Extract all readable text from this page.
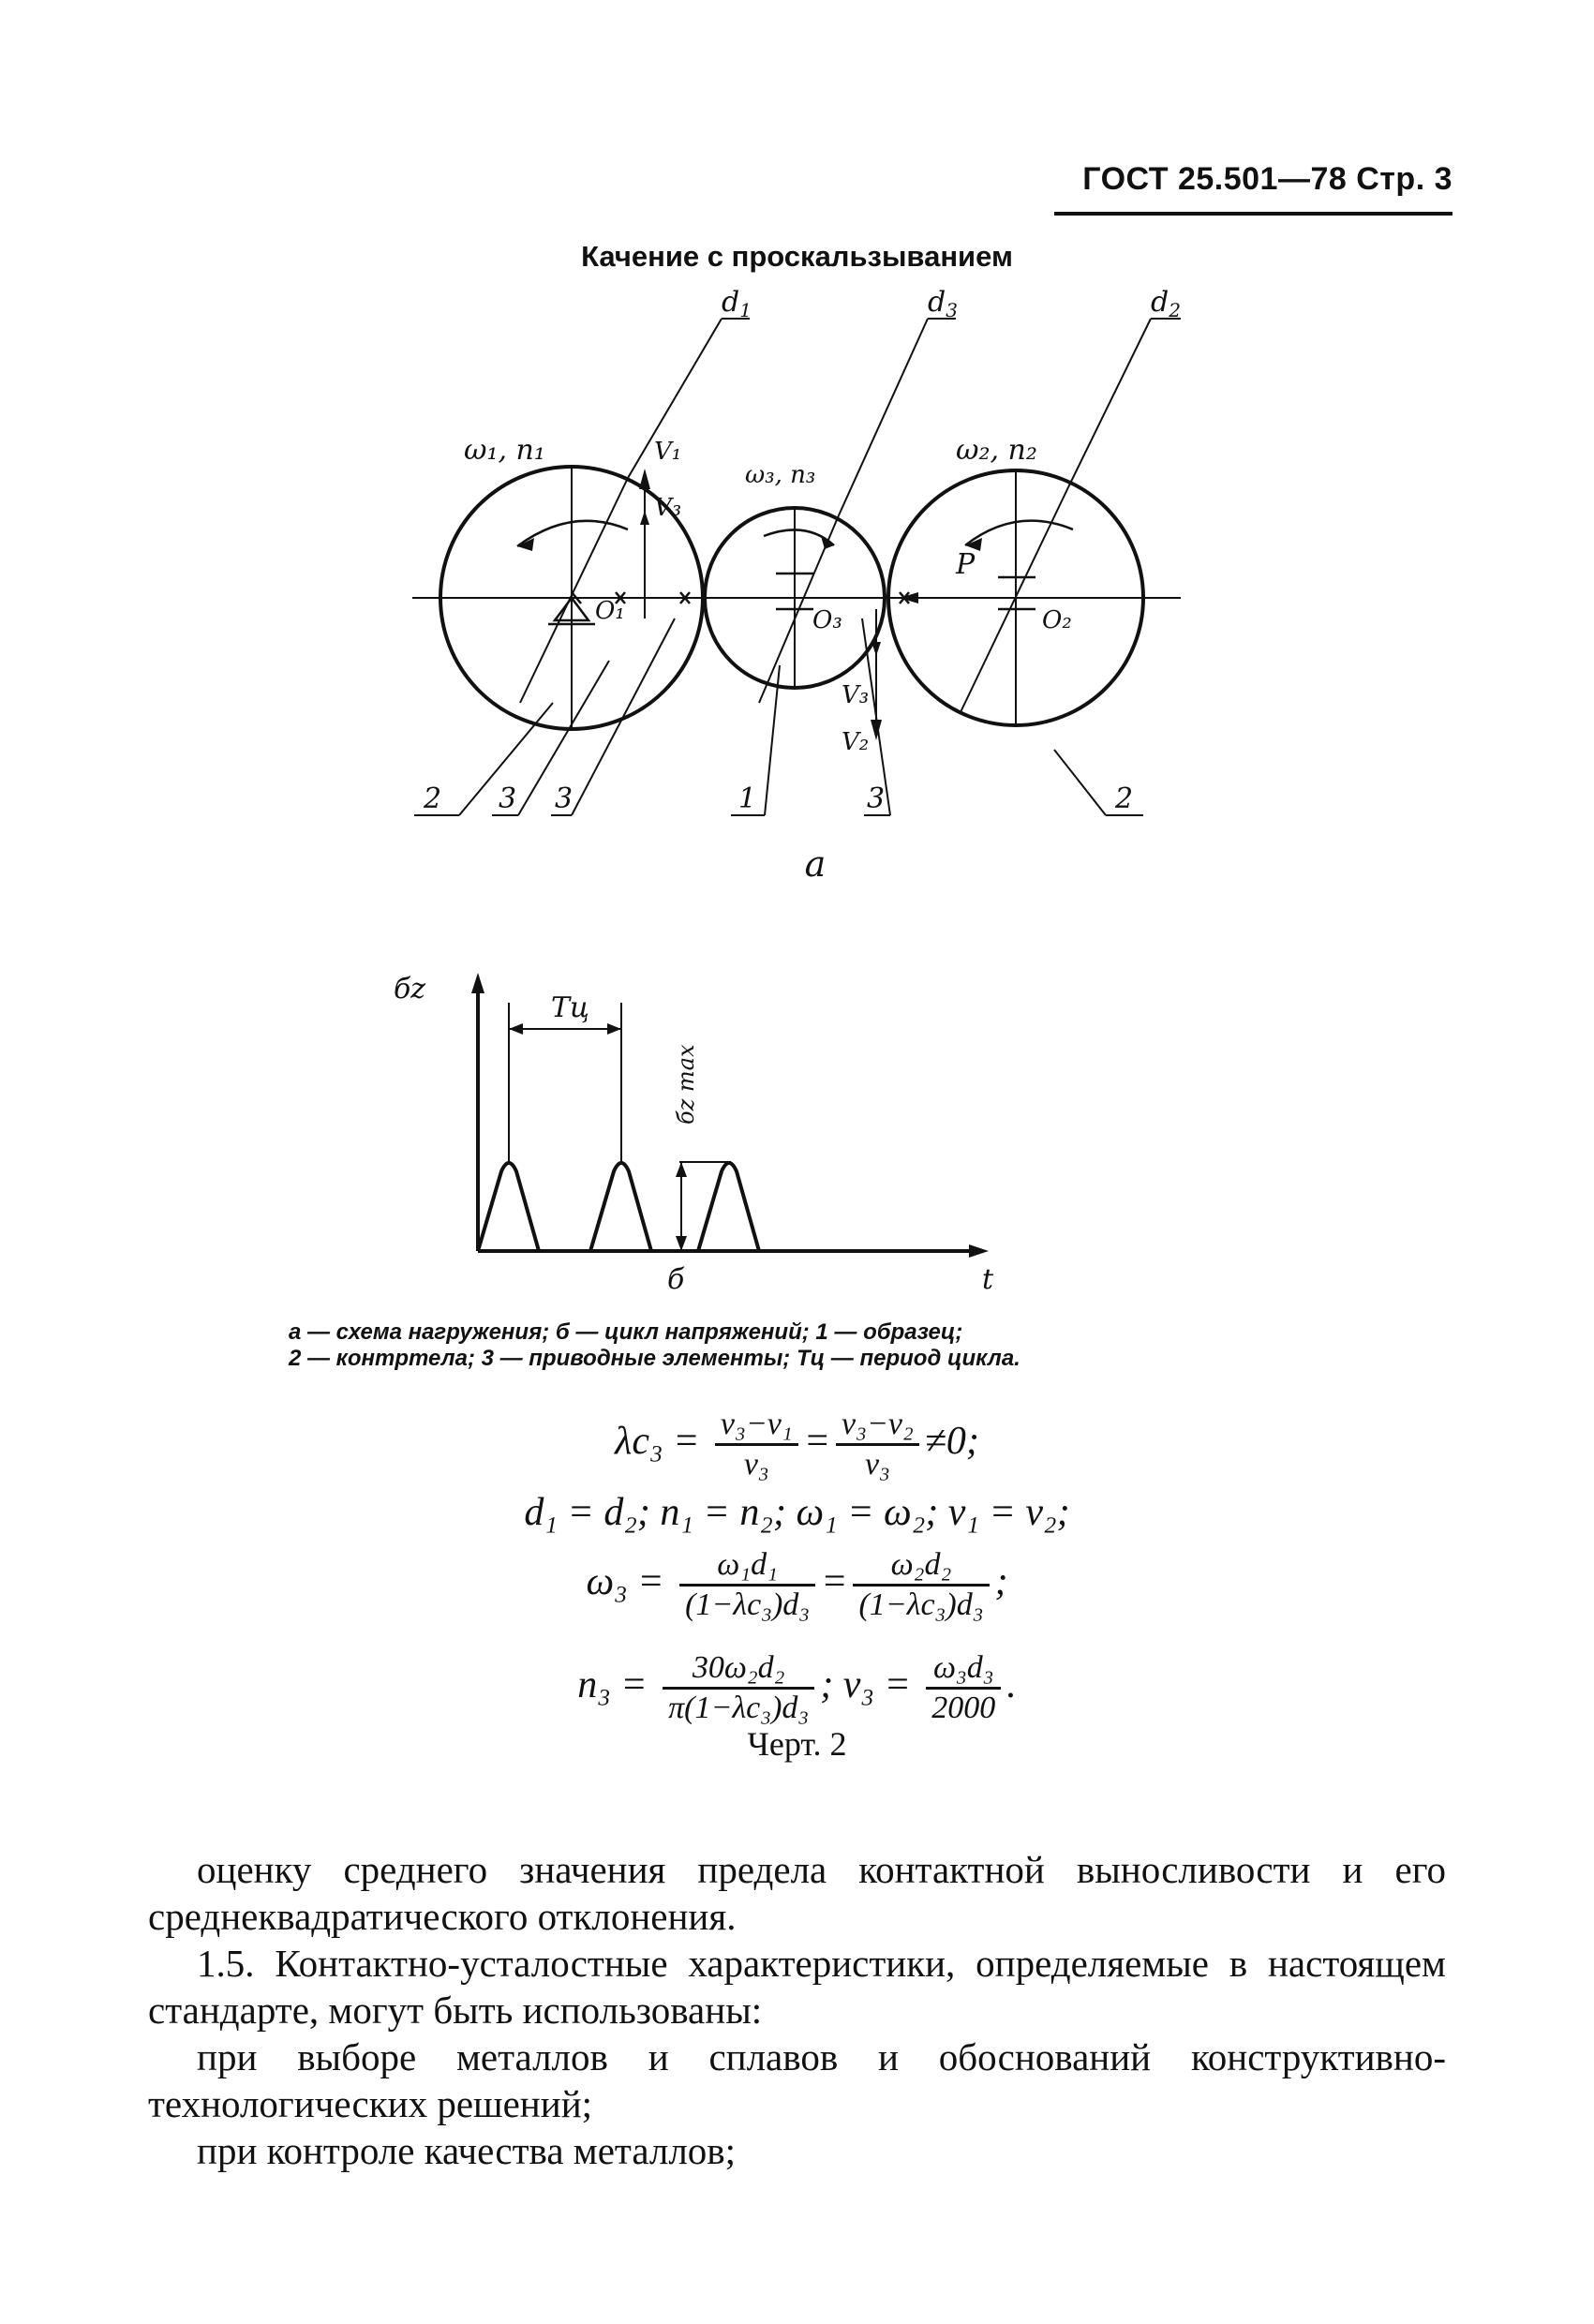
ГОСТ 25.501—78 Стр. 3
Качение с проскальзыванием
$d_1$	$d_3$	$d_2$
ω₁, n₁
ω₃, n₃
ω₂, n₂
V₁
V₃
V₃
V₂
O₁	O₃	O₂
P
2 3 3	1	3	2
а
бz
t
Тц
бz max
б
а — схема нагружения; б — цикл напряжений; 1 — образец;
2 — контртела; 3 — приводные элементы; Тц — период цикла.
$\lambda c_3 = \frac{\text{v₃−v₁}}{\text{v₃}} = \frac{\text{v₃−v₂}}{\text{v₃}} \ne 0$;
d₁ = d₂; n₁ = n₂; ω₁ = ω₂; v₁ = v₂;
$\omega_3 = \frac{\text{ω₁d₁}}{\text{(1−λc₃)d₃}} = \frac{\text{ω₂d₂}}{\text{(1−λc₃)d₃}}$ ;
$n_3 = \frac{\text{30ω₂d₂}}{\text{π(1−λc₃)d₃}}$ ; $v_3 = \frac{\text{ω₃d₃}}{2000}$ .
Черт. 2

оценку среднего значения предела контактной выносливости и его среднеквадратического отклонения.

1.5. Контактно-усталостные характеристики, определяемые в настоящем стандарте, могут быть использованы:

при выборе металлов и сплавов и обоснований конструктивно-технологических решений;

при контроле качества металлов;
